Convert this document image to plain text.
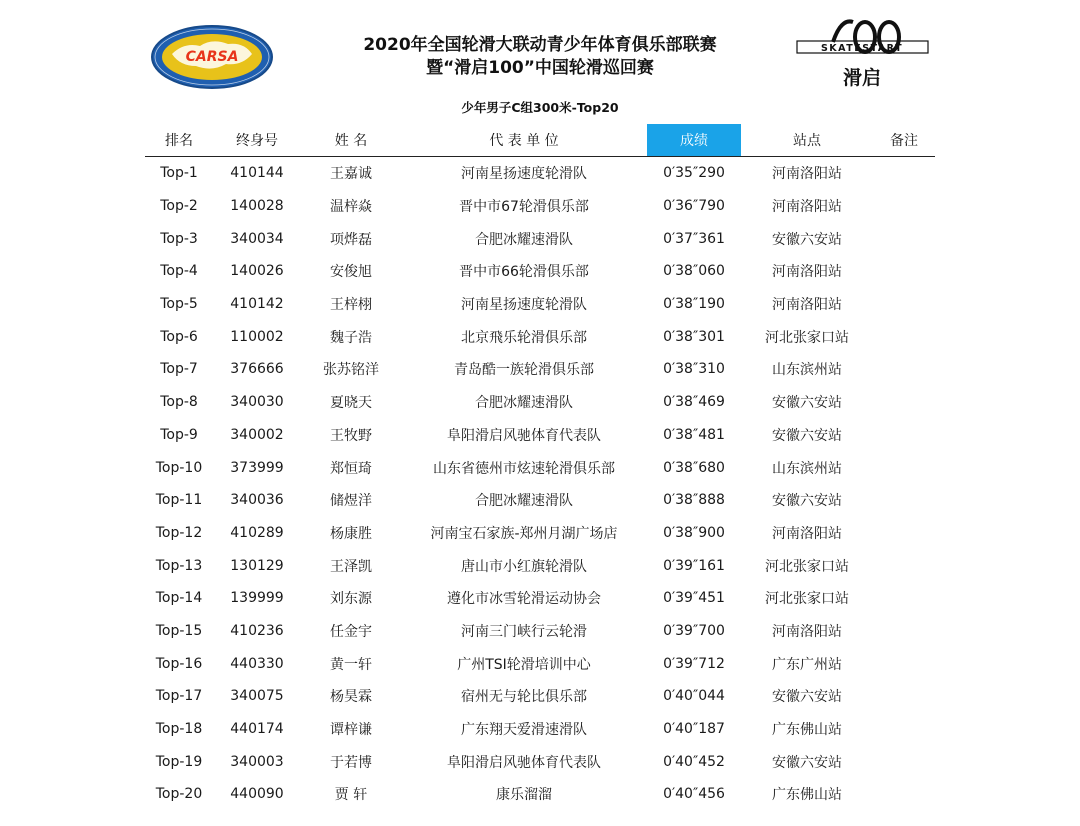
CARSA
SKATESTART
滑启
2020年全国轮滑大联动青少年体育俱乐部联赛
暨“滑启100”中国轮滑巡回赛
少年男子C组300米-Top20
排名	终身号	姓 名	代 表 单 位	成绩	站点	备注
Top-1	410144	王嘉诚	河南星扬速度轮滑队	0′35″290	河南洛阳站	
Top-2	140028	温梓焱	晋中市67轮滑俱乐部	0′36″790	河南洛阳站	
Top-3	340034	项烨磊	合肥冰耀速滑队	0′37″361	安徽六安站	
Top-4	140026	安俊旭	晋中市66轮滑俱乐部	0′38″060	河南洛阳站	
Top-5	410142	王梓栩	河南星扬速度轮滑队	0′38″190	河南洛阳站	
Top-6	110002	魏子浩	北京飛乐轮滑俱乐部	0′38″301	河北张家口站	
Top-7	376666	张苏铭洋	青岛酷一族轮滑俱乐部	0′38″310	山东滨州站	
Top-8	340030	夏晓天	合肥冰耀速滑队	0′38″469	安徽六安站	
Top-9	340002	王牧野	阜阳滑启风驰体育代表队	0′38″481	安徽六安站	
Top-10	373999	郑恒琦	山东省德州市炫速轮滑俱乐部	0′38″680	山东滨州站	
Top-11	340036	储煜洋	合肥冰耀速滑队	0′38″888	安徽六安站	
Top-12	410289	杨康胜	河南宝石家族-郑州月湖广场店	0′38″900	河南洛阳站	
Top-13	130129	王泽凯	唐山市小红旗轮滑队	0′39″161	河北张家口站	
Top-14	139999	刘东源	遵化市冰雪轮滑运动协会	0′39″451	河北张家口站	
Top-15	410236	任金宇	河南三门峡行云轮滑	0′39″700	河南洛阳站	
Top-16	440330	黄一轩	广州TSI轮滑培训中心	0′39″712	广东广州站	
Top-17	340075	杨昊霖	宿州无与轮比俱乐部	0′40″044	安徽六安站	
Top-18	440174	谭梓谦	广东翔天爱滑速滑队	0′40″187	广东佛山站	
Top-19	340003	于若博	阜阳滑启风驰体育代表队	0′40″452	安徽六安站	
Top-20	440090	贾 轩	康乐溜溜	0′40″456	广东佛山站	
